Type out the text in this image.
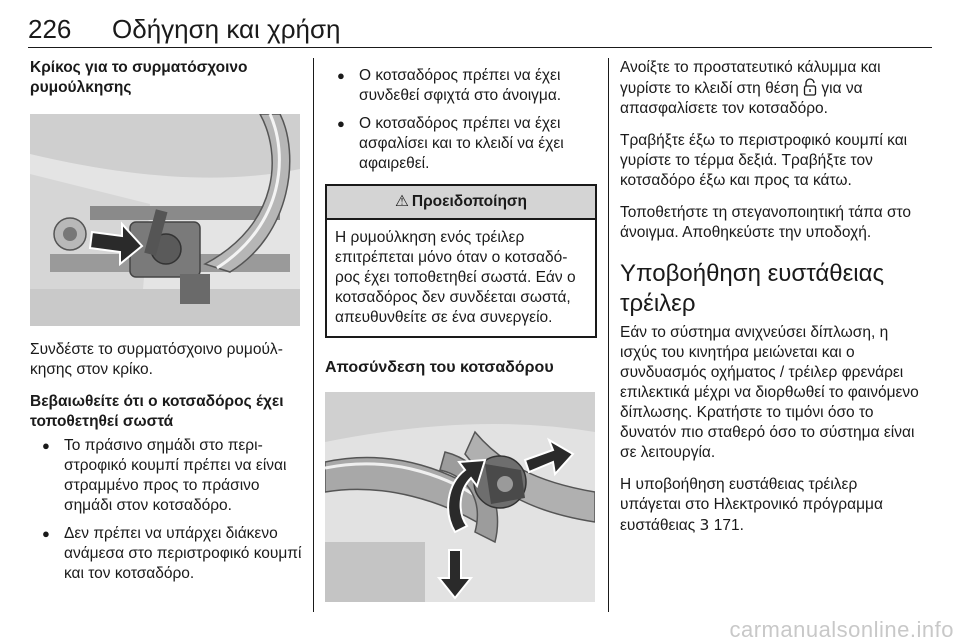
226 Οδήγηση και χρήση
Κρίκος για το συρματόσχοινο ρυμούλκησης
Συνδέστε το συρματόσχοινο ρυμούλκησης στον κρίκο.
Βεβαιωθείτε ότι ο κοτσαδόρος έχει τοποθετηθεί σωστά
● Το πράσινο σημάδι στο περιστροφικό κουμπί πρέπει να είναι στραμμένο προς το πράσινο σημάδι στον κοτσαδόρο.
● Δεν πρέπει να υπάρχει διάκενο ανάμεσα στο περιστροφικό κουμπί και τον κοτσαδόρο.
● Ο κοτσαδόρος πρέπει να έχει συνδεθεί σφιχτά στο άνοιγμα.
● Ο κοτσαδόρος πρέπει να έχει ασφαλίσει και το κλειδί να έχει αφαιρεθεί.
⚠ Προειδοποίηση
Η ρυμούλκηση ενός τρέιλερ επιτρέπεται μόνο όταν ο κοτσαδόρος έχει τοποθετηθεί σωστά. Εάν ο κοτσαδόρος δεν συνδέεται σωστά, απευθυνθείτε σε ένα συνεργείο.
Αποσύνδεση του κοτσαδόρου
Ανοίξτε το προστατευτικό κάλυμμα και γυρίστε το κλειδί στη θέση  για να απασφαλίσετε τον κοτσαδόρο.
Τραβήξτε έξω το περιστροφικό κουμπί και γυρίστε το τέρμα δεξιά. Τραβήξτε τον κοτσαδόρο έξω και προς τα κάτω.
Τοποθετήστε τη στεγανοποιητική τάπα στο άνοιγμα. Αποθηκεύστε την υποδοχή.
Υποβοήθηση ευστάθειας τρέιλερ
Εάν το σύστημα ανιχνεύσει δίπλωση, η ισχύς του κινητήρα μειώνεται και ο συνδυασμός οχήματος / τρέιλερ φρενάρει επιλεκτικά μέχρι να διορθωθεί το φαινόμενο δίπλωσης. Κρατήστε το τιμόνι όσο το δυνατόν πιο σταθερό όσο το σύστημα είναι σε λειτουργία.
Η υποβοήθηση ευστάθειας τρέιλερ υπάγεται στο Ηλεκτρονικό πρόγραμμα ευστάθειας 3 171.
carmanualsonline.info
